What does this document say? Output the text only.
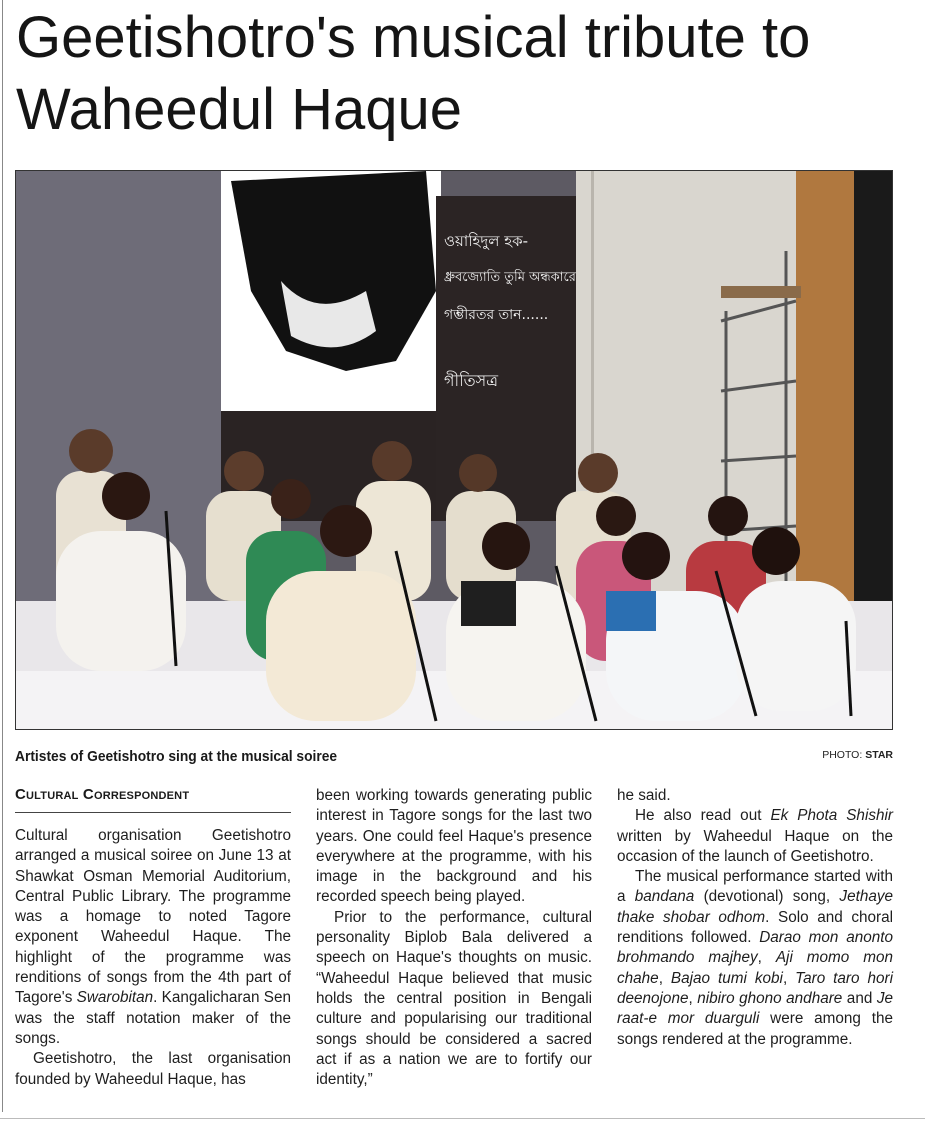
Geetishotro's musical tribute to Waheedul Haque
ওয়াহিদুল হক-
ধ্রুবজ্যোতি তুমি অন্ধকারে
গম্ভীরতর তান......
গীতিসত্র
Artistes of Geetishotro sing at the musical soiree	PHOTO: STAR
Cultural Correspondent

Cultural organisation Geetishotro arranged a musical soiree on June 13 at Shawkat Osman Memorial Auditorium, Central Public Library. The programme was a homage to noted Tagore exponent Waheedul Haque. The highlight of the programme was renditions of songs from the 4th part of Tagore's Swarobitan. Kangalicharan Sen was the staff notation maker of the songs.

Geetishotro, the last organisation founded by Waheedul Haque, has

been working towards generating public interest in Tagore songs for the last two years. One could feel Haque's presence everywhere at the programme, with his image in the background and his recorded speech being played.

Prior to the performance, cultural personality Biplob Bala delivered a speech on Haque's thoughts on music. “Waheedul Haque believed that music holds the central position in Bengali culture and popularising our traditional songs should be considered a sacred act if as a nation we are to fortify our identity,”

he said.

He also read out Ek Phota Shishir written by Waheedul Haque on the occasion of the launch of Geetishotro.

The musical performance started with a bandana (devotional) song, Jethaye thake shobar odhom. Solo and choral renditions followed. Darao mon anonto brohmando majhey, Aji momo mon chahe, Bajao tumi kobi, Taro taro hori deenojone, nibiro ghono andhare and Je raat-e mor duarguli were among the songs rendered at the programme.
